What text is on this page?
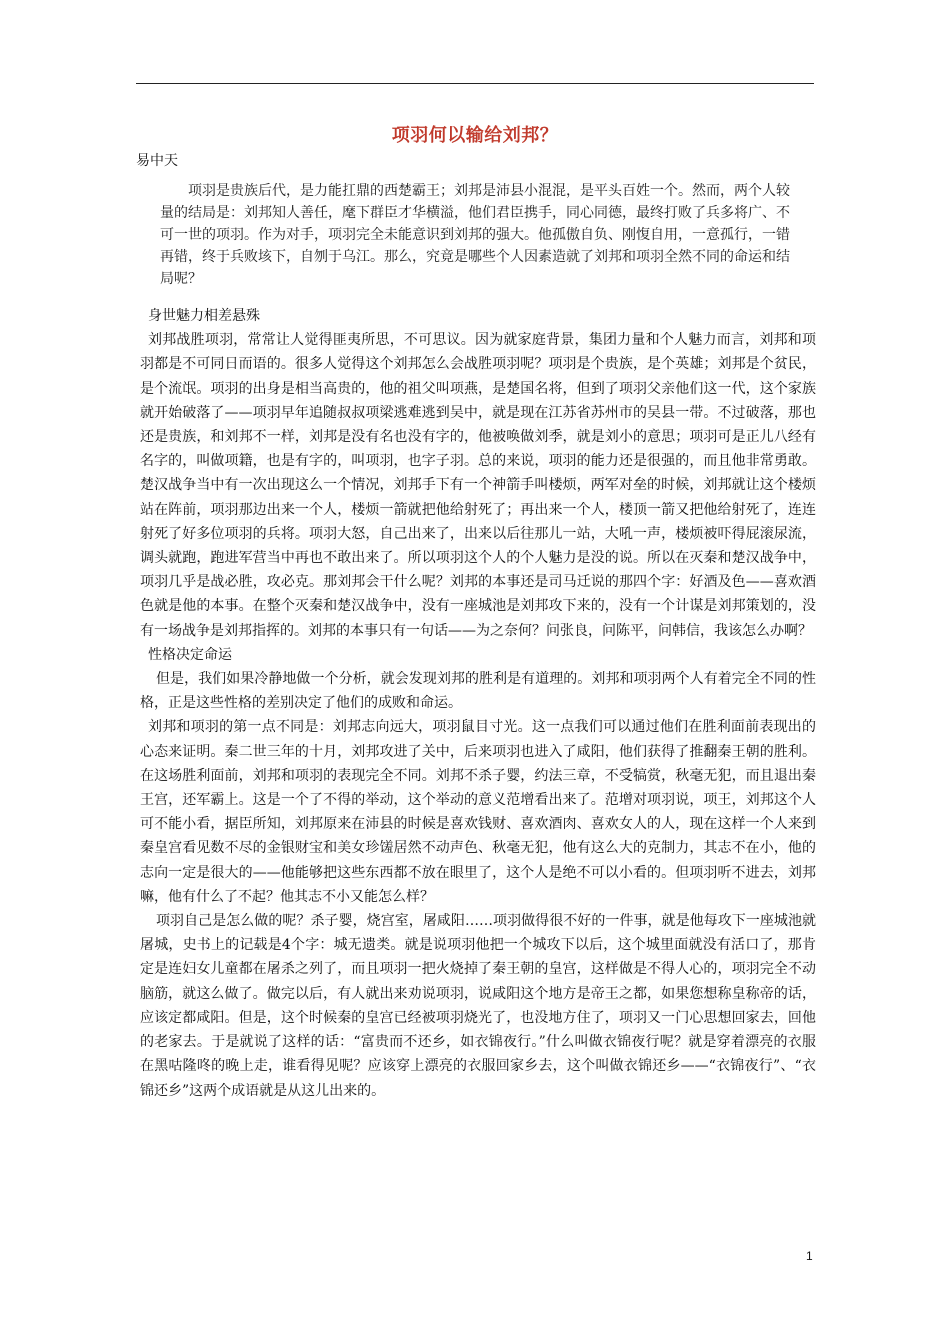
项羽何以输给刘邦？
易中天

项羽是贵族后代，是力能扛鼎的西楚霸王；刘邦是沛县小混混，是平头百姓一个。然而，两个人较量的结局是：刘邦知人善任，麾下群臣才华横溢，他们君臣携手，同心同德，最终打败了兵多将广、不可一世的项羽。作为对手，项羽完全未能意识到刘邦的强大。他孤傲自负、刚愎自用，一意孤行，一错再错，终于兵败垓下，自刎于乌江。那么，究竟是哪些个人因素造就了刘邦和项羽全然不同的命运和结局呢？

身世魅力相差悬殊

刘邦战胜项羽，常常让人觉得匪夷所思，不可思议。因为就家庭背景，集团力量和个人魅力而言，刘邦和项羽都是不可同日而语的。很多人觉得这个刘邦怎么会战胜项羽呢？项羽是个贵族，是个英雄；刘邦是个贫民，是个流氓。项羽的出身是相当高贵的，他的祖父叫项燕，是楚国名将，但到了项羽父亲他们这一代，这个家族就开始破落了——项羽早年追随叔叔项梁逃难逃到吴中，就是现在江苏省苏州市的吴县一带。不过破落，那也还是贵族，和刘邦不一样，刘邦是没有名也没有字的，他被唤做刘季，就是刘小的意思；项羽可是正儿八经有名字的，叫做项籍，也是有字的，叫项羽，也字子羽。总的来说，项羽的能力还是很强的，而且他非常勇敢。楚汉战争当中有一次出现这么一个情况，刘邦手下有一个神箭手叫楼烦，两军对垒的时候，刘邦就让这个楼烦站在阵前，项羽那边出来一个人，楼烦一箭就把他给射死了；再出来一个人，楼顶一箭又把他给射死了，连连射死了好多位项羽的兵将。项羽大怒，自己出来了，出来以后往那儿一站，大吼一声，楼烦被吓得屁滚尿流，调头就跑，跑进军营当中再也不敢出来了。所以项羽这个人的个人魅力是没的说。所以在灭秦和楚汉战争中，项羽几乎是战必胜，攻必克。那刘邦会干什么呢？刘邦的本事还是司马迁说的那四个字：好酒及色——喜欢酒色就是他的本事。在整个灭秦和楚汉战争中，没有一座城池是刘邦攻下来的，没有一个计谋是刘邦策划的，没有一场战争是刘邦指挥的。刘邦的本事只有一句话——为之奈何？问张良，问陈平，问韩信，我该怎么办啊？

性格决定命运

但是，我们如果冷静地做一个分析，就会发现刘邦的胜利是有道理的。刘邦和项羽两个人有着完全不同的性格，正是这些性格的差别决定了他们的成败和命运。

刘邦和项羽的第一点不同是：刘邦志向远大，项羽鼠目寸光。这一点我们可以通过他们在胜利面前表现出的心态来证明。秦二世三年的十月，刘邦攻进了关中，后来项羽也进入了咸阳，他们获得了推翻秦王朝的胜利。在这场胜利面前，刘邦和项羽的表现完全不同。刘邦不杀子婴，约法三章，不受犒赏，秋毫无犯，而且退出秦王宫，还军霸上。这是一个了不得的举动，这个举动的意义范增看出来了。范增对项羽说，项王，刘邦这个人可不能小看，据臣所知，刘邦原来在沛县的时候是喜欢钱财、喜欢酒肉、喜欢女人的人，现在这样一个人来到秦皇宫看见数不尽的金银财宝和美女珍馐居然不动声色、秋毫无犯，他有这么大的克制力，其志不在小，他的志向一定是很大的——他能够把这些东西都不放在眼里了，这个人是绝不可以小看的。但项羽听不进去，刘邦嘛，他有什么了不起？他其志不小又能怎么样？

项羽自己是怎么做的呢？杀子婴，烧宫室，屠咸阳……项羽做得很不好的一件事，就是他每攻下一座城池就屠城，史书上的记载是4个字：城无遗类。就是说项羽他把一个城攻下以后，这个城里面就没有活口了，那肯定是连妇女儿童都在屠杀之列了，而且项羽一把火烧掉了秦王朝的皇宫，这样做是不得人心的，项羽完全不动脑筋，就这么做了。做完以后，有人就出来劝说项羽，说咸阳这个地方是帝王之都，如果您想称皇称帝的话，应该定都咸阳。但是，这个时候秦的皇宫已经被项羽烧光了，也没地方住了，项羽又一门心思想回家去，回他的老家去。于是就说了这样的话：“富贵而不还乡，如衣锦夜行。”什么叫做衣锦夜行呢？就是穿着漂亮的衣服在黑咕隆咚的晚上走，谁看得见呢？应该穿上漂亮的衣服回家乡去，这个叫做衣锦还乡——“衣锦夜行”、“衣锦还乡”这两个成语就是从这儿出来的。

1
